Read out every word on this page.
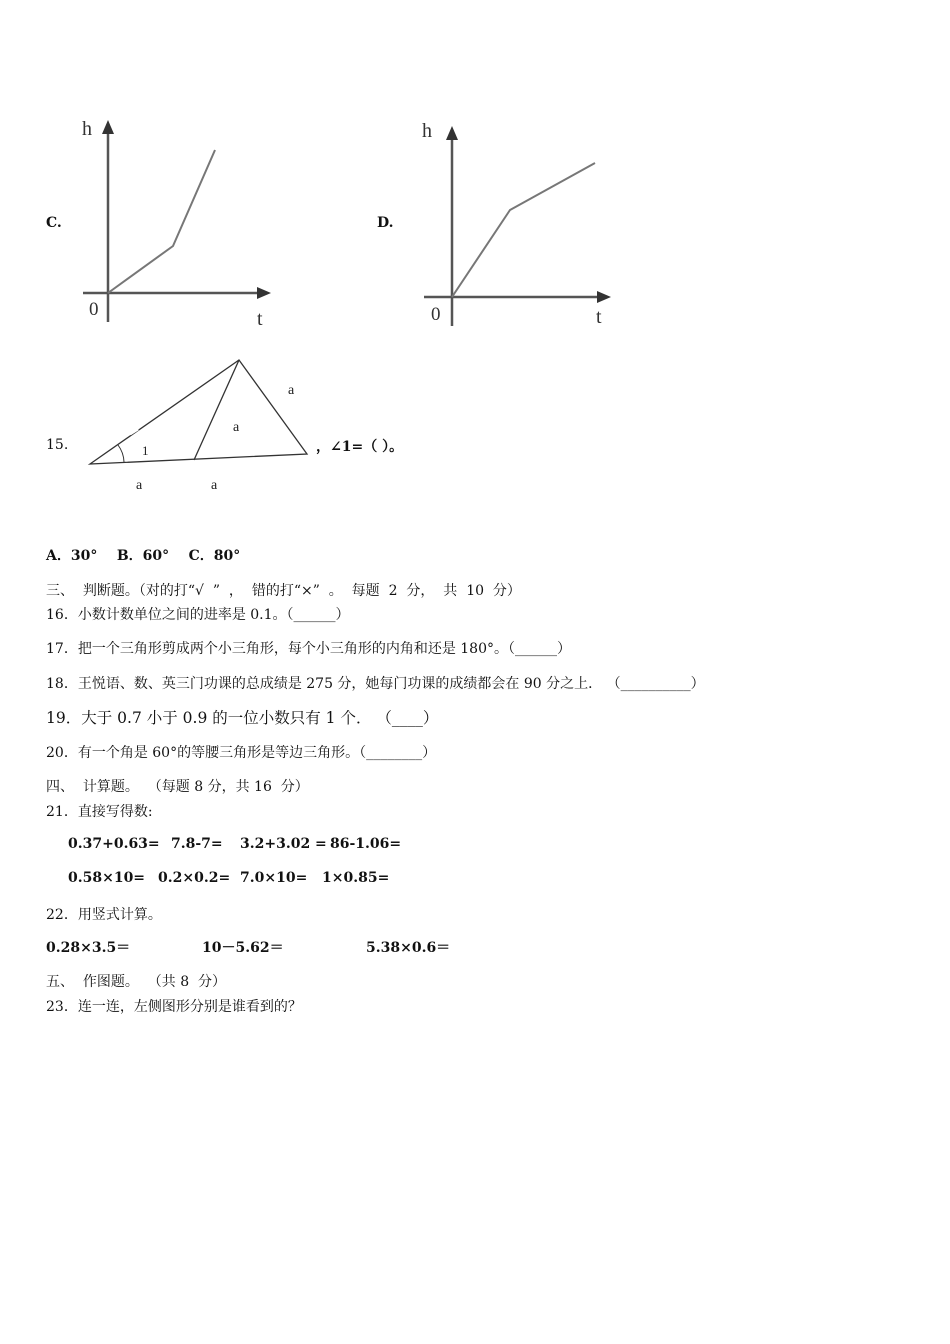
C.
h
t
0
D.
h
t
0
15.
a
a
1
a	a
，∠1=（ ）。
A．30°    B．60°    C．80°
三、  判断题。（对的打“√  ”  ，  错的打“×”  。  每题  2  分，  共  10  分）
16．小数计数单位之间的进率是 0.1。（______）
17．把一个三角形剪成两个小三角形，每个小三角形的内角和还是 180°。（______）
18．王悦语、数、英三门功课的总成绩是 275 分，她每门功课的成绩都会在 90 分之上． （__________）
19．大于 0.7 小于 0.9 的一位小数只有 1 个． （____）
20．有一个角是 60°的等腰三角形是等边三角形。（________）
四、  计算题。  （每题 8 分，共 16  分）
21．直接写得数:
0.37+0.63= 7.8-7= 3.2+3.02 = 86-1.06=
0.58×10= 0.2×0.2= 7.0×10= 1×0.85=
22．用竖式计算。
0.28×3.5＝	10－5.62＝	5.38×0.6＝
五、  作图题。  （共 8  分）
23．连一连，左侧图形分别是谁看到的？
